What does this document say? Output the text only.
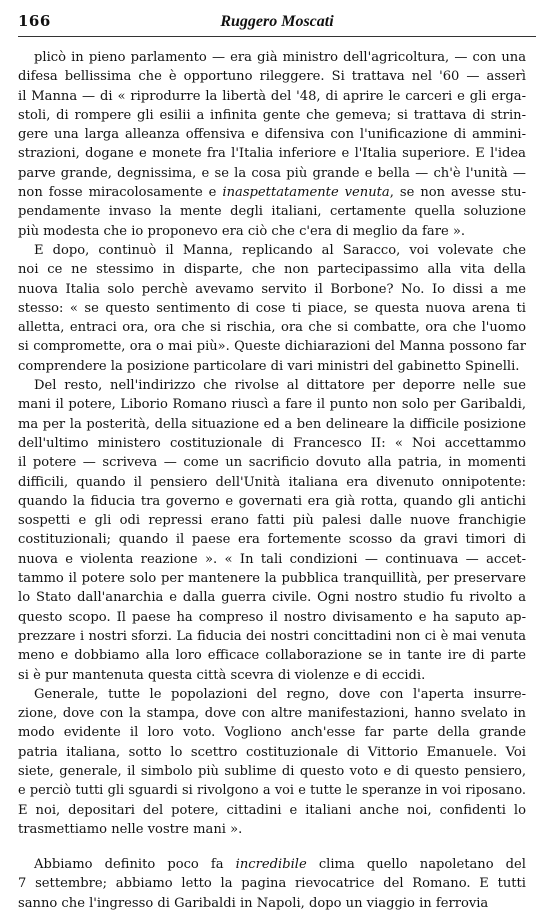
166	Ruggero Moscati
plicò in pieno parlamento — era già ministro dell'agricoltura, — con una
difesa bellissima che è opportuno rileggere. Si trattava nel '60 — asserì
il Manna — di « riprodurre la libertà del '48, di aprire le carceri e gli erga-
stoli, di rompere gli esilii a infinita gente che gemeva; si trattava di strin-
gere una larga alleanza offensiva e difensiva con l'unificazione di ammini-
strazioni, dogane e monete fra l'Italia inferiore e l'Italia superiore. E l'idea
parve grande, degnissima, e se la cosa più grande e bella — ch'è l'unità —
non fosse miracolosamente e inaspettatamente venuta, se non avesse stu-
pendamente invaso la mente degli italiani, certamente quella soluzione
più modesta che io proponevo era ciò che c'era di meglio da fare ».
E dopo, continuò il Manna, replicando al Saracco, voi volevate che
noi ce ne stessimo in disparte, che non partecipassimo alla vita della
nuova Italia solo perchè avevamo servito il Borbone? No. Io dissi a me
stesso: « se questo sentimento di cose ti piace, se questa nuova arena ti
alletta, entraci ora, ora che si rischia, ora che si combatte, ora che l'uomo
si compromette, ora o mai più». Queste dichiarazioni del Manna possono far
comprendere la posizione particolare di vari ministri del gabinetto Spinelli.
Del resto, nell'indirizzo che rivolse al dittatore per deporre nelle sue
mani il potere, Liborio Romano riuscì a fare il punto non solo per Garibaldi,
ma per la posterità, della situazione ed a ben delineare la difficile posizione
dell'ultimo ministero costituzionale di Francesco II: « Noi accettammo
il potere — scriveva — come un sacrificio dovuto alla patria, in momenti
difficili, quando il pensiero dell'Unità italiana era divenuto onnipotente:
quando la fiducia tra governo e governati era già rotta, quando gli antichi
sospetti e gli odi repressi erano fatti più palesi dalle nuove franchigie
costituzionali; quando il paese era fortemente scosso da gravi timori di
nuova e violenta reazione ». « In tali condizioni — continuava — accet-
tammo il potere solo per mantenere la pubblica tranquillità, per preservare
lo Stato dall'anarchia e dalla guerra civile. Ogni nostro studio fu rivolto a
questo scopo. Il paese ha compreso il nostro divisamento e ha saputo ap-
prezzare i nostri sforzi. La fiducia dei nostri concittadini non ci è mai venuta
meno e dobbiamo alla loro efficace collaborazione se in tante ire di parte
si è pur mantenuta questa città scevra di violenze e di eccidi.
Generale, tutte le popolazioni del regno, dove con l'aperta insurre-
zione, dove con la stampa, dove con altre manifestazioni, hanno svelato in
modo evidente il loro voto. Vogliono anch'esse far parte della grande
patria italiana, sotto lo scettro costituzionale di Vittorio Emanuele. Voi
siete, generale, il simbolo più sublime di questo voto e di questo pensiero,
e perciò tutti gli sguardi si rivolgono a voi e tutte le speranze in voi riposano.
E noi, depositari del potere, cittadini e italiani anche noi, confidenti lo
trasmettiamo nelle vostre mani ».
Abbiamo definito poco fa incredibile clima quello napoletano del
7 settembre; abbiamo letto la pagina rievocatrice del Romano. E tutti
sanno che l'ingresso di Garibaldi in Napoli, dopo un viaggio in ferrovia
